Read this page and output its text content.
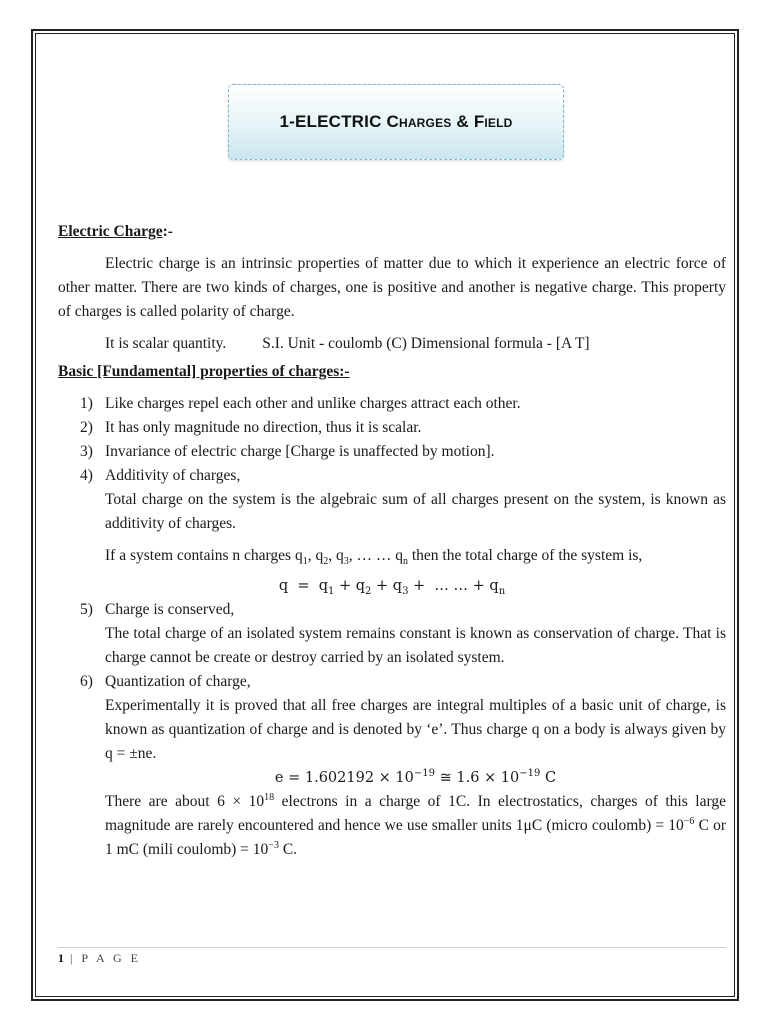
1-ELECTRIC Charges & Field
Electric Charge:-

Electric charge is an intrinsic properties of matter due to which it experience an electric force of other matter. There are two kinds of charges, one is positive and another is negative charge. This property of charges is called polarity of charge.

It is scalar quantity. S.I. Unit - coulomb (C) Dimensional formula - [A T]
Basic [Fundamental] properties of charges:-
1) Like charges repel each other and unlike charges attract each other.
2) It has only magnitude no direction, thus it is scalar.
3) Invariance of electric charge [Charge is unaffected by motion].
4) Additivity of charges,

Total charge on the system is the algebraic sum of all charges present on the system, is known as additivity of charges.

If a system contains n charges $q_1$, $q_2$, $q_3$, … … $q_n$ then the total charge of the system is,

$q = q_1 + q_2 + q_3$ +  … … + $q_n$
5) Charge is conserved,

The total charge of an isolated system remains constant is known as conservation of charge. That is charge cannot be create or destroy carried by an isolated system.

6) Quantization of charge,

Experimentally it is proved that all free charges are integral multiples of a basic unit of charge, is known as quantization of charge and is denoted by ‘e’. Thus charge q on a body is always given by q = ±ne.

$e = 1.602192 \times 10^{-19}$ ≅ $1.6 \times 10^{-19}$ C

There are about $6 \times 10^{18}$ electrons in a charge of 1C. In electrostatics, charges of this large magnitude are rarely encountered and hence we use smaller units 1μC (micro coulomb) = $10^{-6}$ C or 1 mC (mili coulomb) = $10^{-3}$ C.

1 | P A G E
